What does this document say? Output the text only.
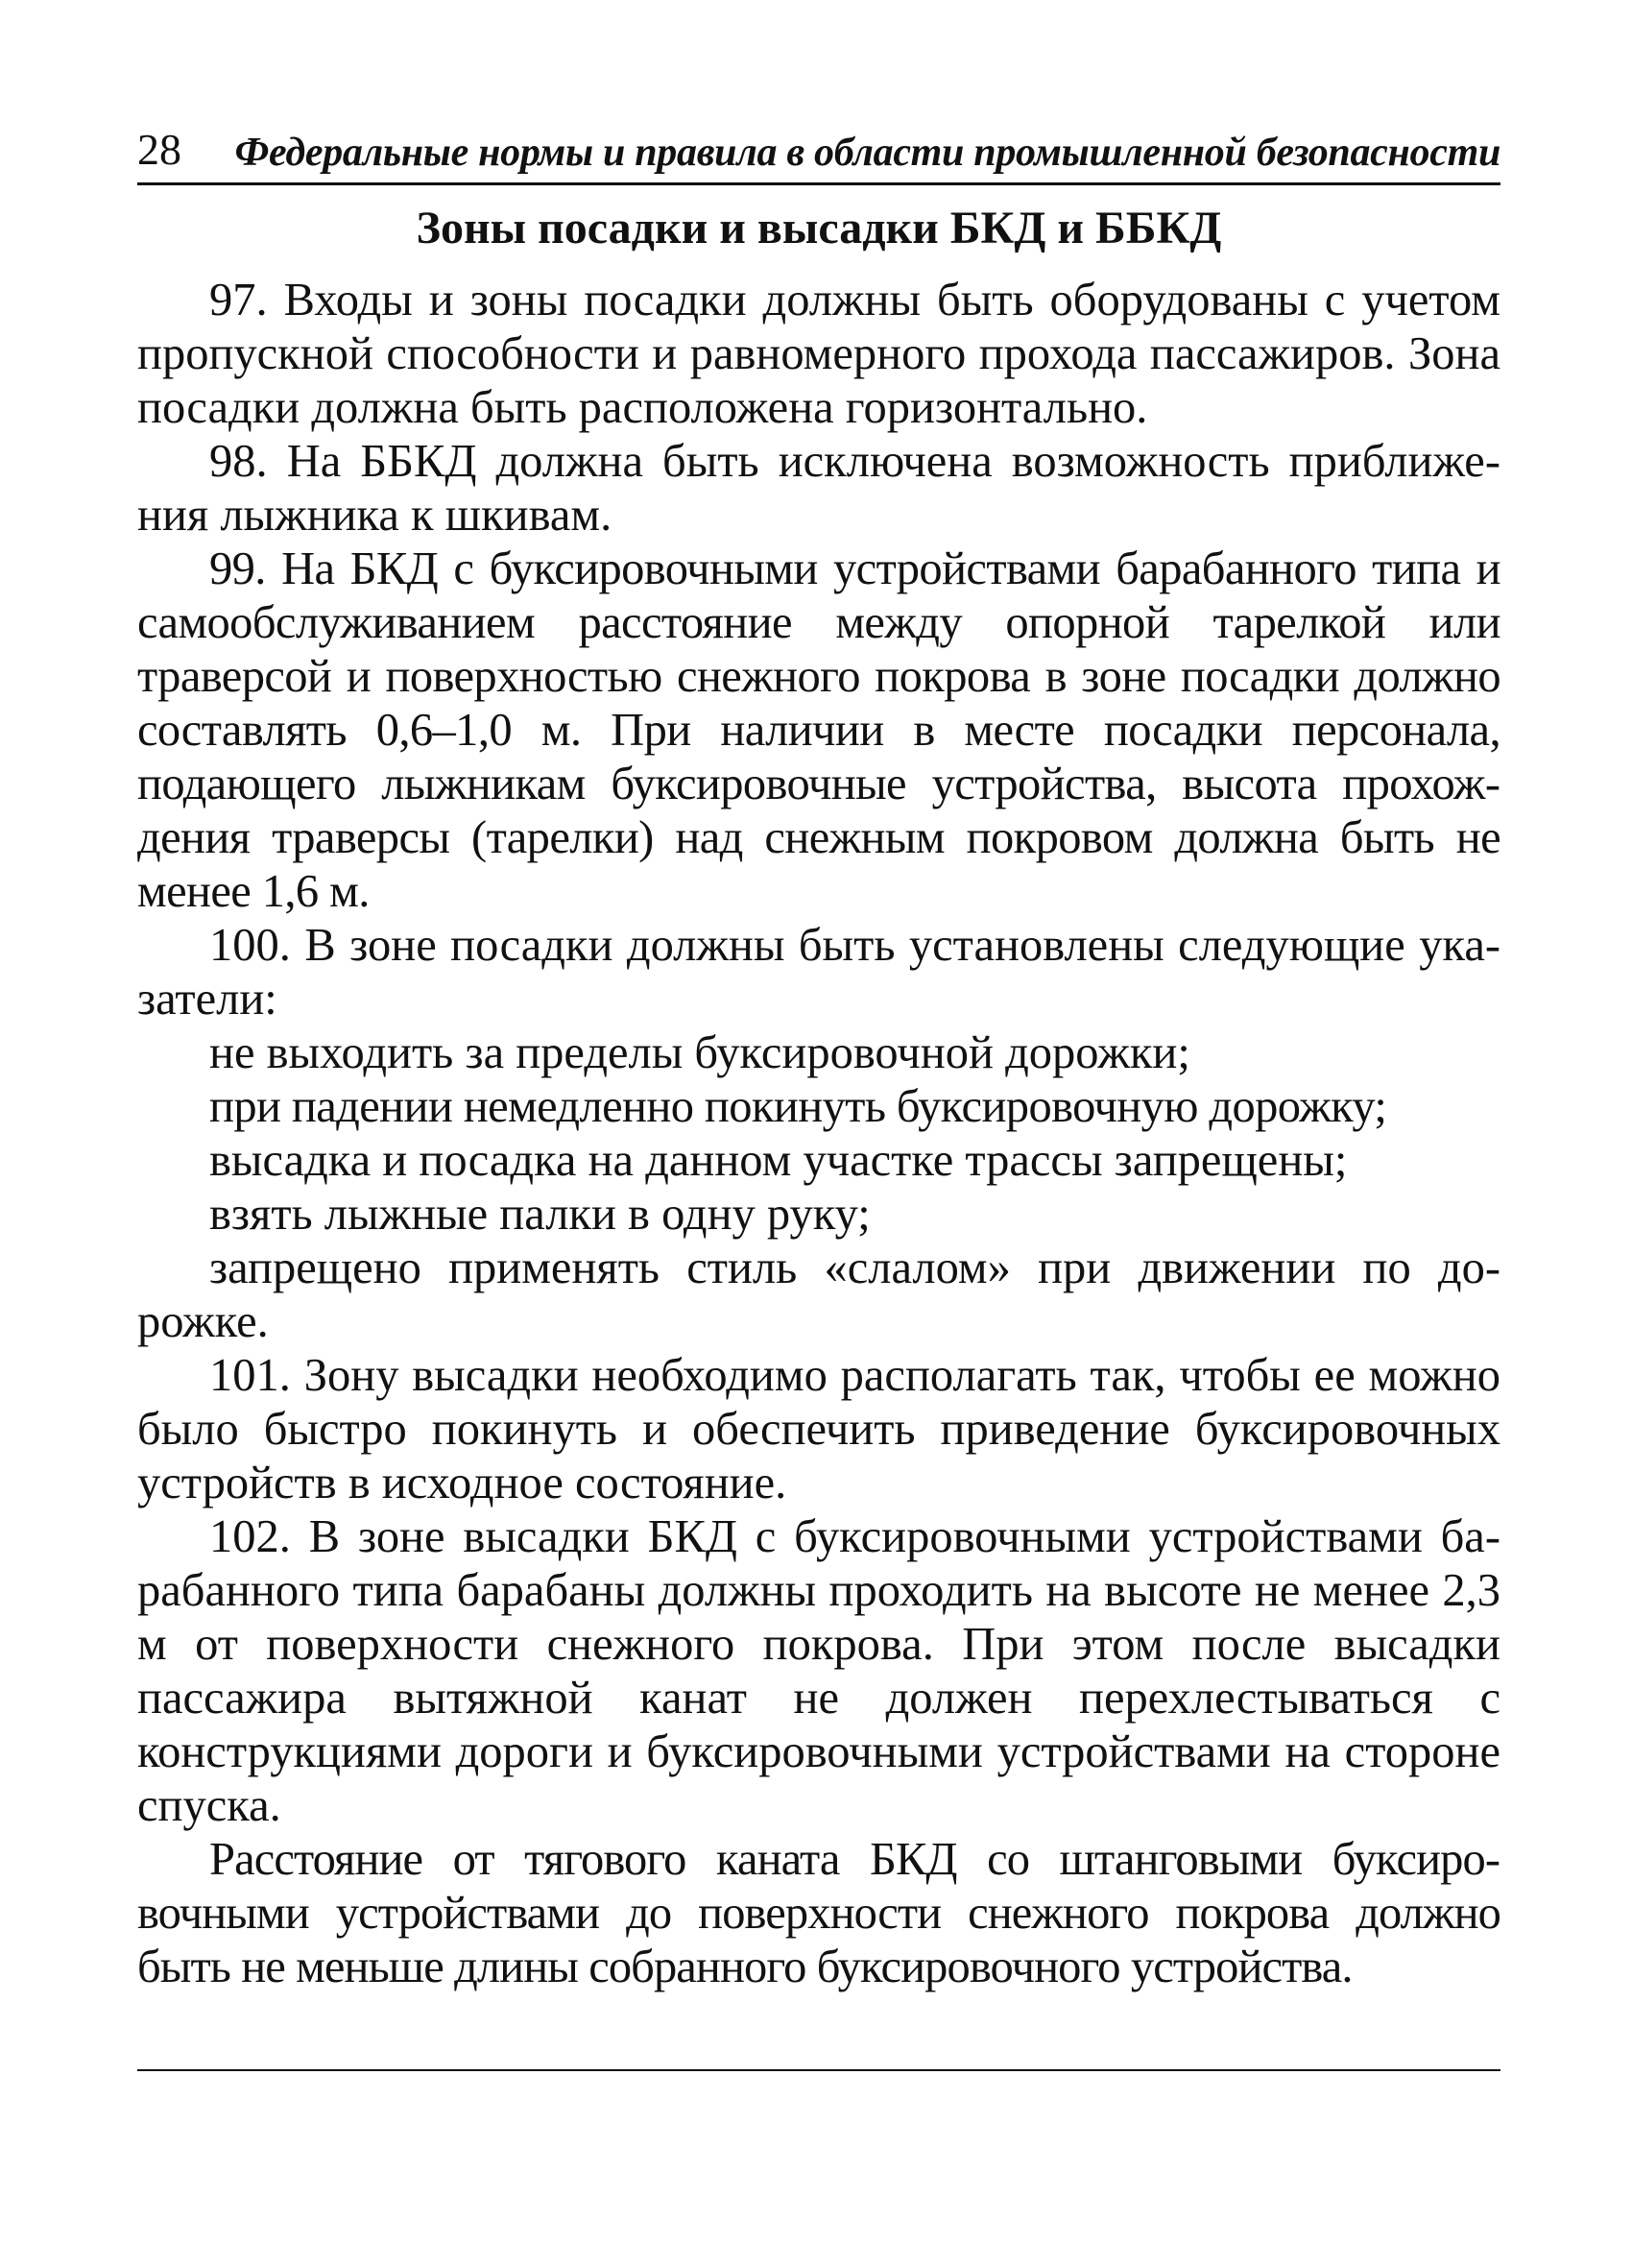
28 Федеральные нормы и правила в области промышленной безопасности
Зоны посадки и высадки БКД и ББКД

97. Входы и зоны посадки должны быть оборудованы с учетом пропускной способности и равномерного прохода пассажиров. Зона посадки должна быть расположена горизонтально.

98. На ББКД должна быть исключена возможность приближения лыжника к шкивам.

99. На БКД с буксировочными устройствами барабанного типа и самообслуживанием расстояние между опорной тарелкой или траверсой и поверхностью снежного покрова в зоне посадки должно составлять 0,6–1,0 м. При наличии в месте посадки персонала, подающего лыжникам буксировочные устройства, высота прохождения траверсы (тарелки) над снежным покровом должна быть не менее 1,6 м.

100. В зоне посадки должны быть установлены следующие указатели:

не выходить за пределы буксировочной дорожки;

при падении немедленно покинуть буксировочную дорожку;

высадка и посадка на данном участке трассы запрещены;

взять лыжные палки в одну руку;

запрещено применять стиль «слалом» при движении по дорожке.

101. Зону высадки необходимо располагать так, чтобы ее можно было быстро покинуть и обеспечить приведение буксировочных устройств в исходное состояние.

102. В зоне высадки БКД с буксировочными устройствами барабанного типа барабаны должны проходить на высоте не менее 2,3 м от поверхности снежного покрова. При этом после высадки пассажира вытяжной канат не должен перехлестываться с конструкциями дороги и буксировочными устройствами на стороне спуска.

Расстояние от тягового каната БКД со штанговыми буксировочными устройствами до поверхности снежного покрова должно быть не меньше длины собранного буксировочного устройства.
